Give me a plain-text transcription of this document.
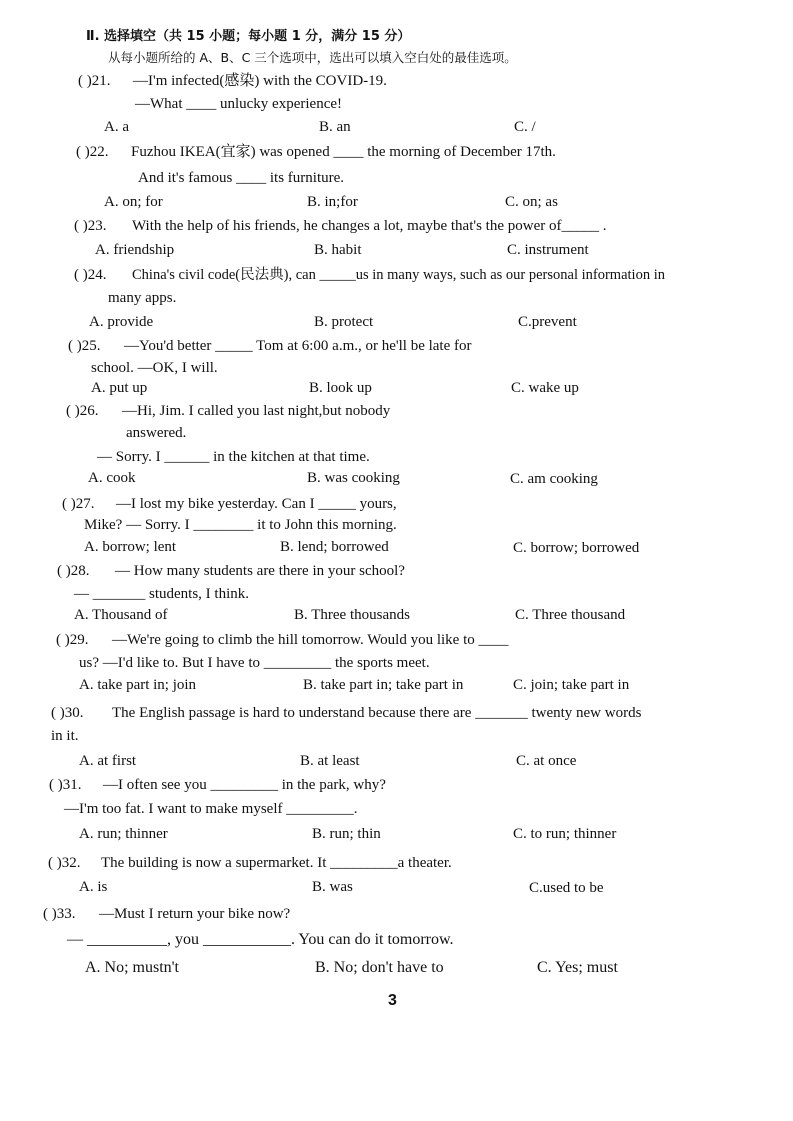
Ⅱ. 选择填空（共 15 小题；每小题 1 分，满分 15 分）
从每小题所给的 A、B、C 三个选项中，选出可以填入空白处的最佳选项。
( )21. —I'm infected(感染) with the COVID-19.
—What ____ unlucky experience!
A. a	B. an	C. /
( )22. Fuzhou IKEA(宜家) was opened ____ the morning of December 17th.
And it's famous ____ its furniture.
A. on; for	B. in;for	C. on; as
( )23. With the help of his friends, he changes a lot, maybe that's the power of_____ .
A. friendship	B. habit	C. instrument
( )24. China's civil code(民法典), can _____us in many ways, such as our personal information in
many apps.
A. provide	B. protect	C.prevent
( )25. —You'd better _____ Tom at 6:00 a.m., or he'll be late for
school. —OK, I will.
A. put up	B. look up	C. wake up
( )26. —Hi, Jim. I called you last night,but nobody
answered.
— Sorry. I ______ in the kitchen at that time.
A. cook	B. was cooking	C. am cooking
( )27. —I lost my bike yesterday. Can I _____ yours,
Mike? — Sorry. I ________ it to John this morning.
A. borrow; lent	B. lend; borrowed	C. borrow; borrowed
( )28. — How many students are there in your school?
— _______ students, I think.
A. Thousand of	B. Three thousands	C. Three thousand
( )29. —We're going to climb the hill tomorrow. Would you like to ____
us? —I'd like to. But I have to _________ the sports meet.
A. take part in; join	B. take part in; take part in	C. join; take part in
( )30. The English passage is hard to understand because there are _______ twenty new words
in it.
A. at first	B. at least	C. at once
( )31. —I often see you _________ in the park, why?
—I'm too fat. I want to make myself _________.
A. run; thinner	B. run; thin	C. to run; thinner
( )32. The building is now a supermarket. It _________a theater.
A. is	B. was	C.used to be
( )33. —Must I return your bike now?
— __________, you ___________. You can do it tomorrow.
A. No; mustn't	B. No; don't have to	C. Yes; must
3
